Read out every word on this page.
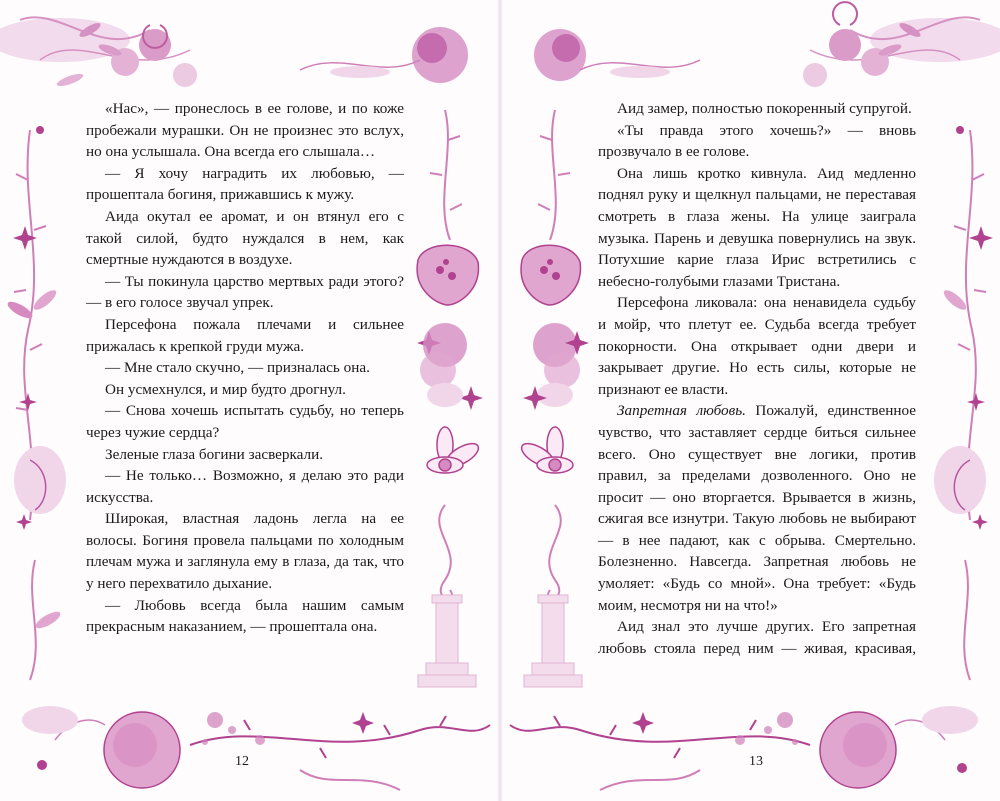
«Нас», — пронеслось в ее голове, и по коже пробежали мурашки. Он не произнес это вслух, но она услышала. Она всегда его слышала…

— Я хочу наградить их любовью, — прошептала богиня, прижавшись к мужу.

Аида окутал ее аромат, и он втянул его с такой силой, будто нуждался в нем, как смертные нуждаются в воздухе.

— Ты покинула царство мертвых ради этого? — в его голосе звучал упрек.

Персефона пожала плечами и сильнее прижалась к крепкой груди мужа.

— Мне стало скучно, — призналась она.

Он усмехнулся, и мир будто дрогнул.

— Снова хочешь испытать судьбу, но теперь через чужие сердца?

Зеленые глаза богини засверкали.

— Не только… Возможно, я делаю это ради искусства.

Широкая, властная ладонь легла на ее волосы. Богиня провела пальцами по холодным плечам мужа и заглянула ему в глаза, да так, что у него перехватило дыхание.

— Любовь всегда была нашим самым прекрасным наказанием, — прошептала она.

12

Аид замер, полностью покоренный супругой.

«Ты правда этого хочешь?» — вновь прозвучало в ее голове.

Она лишь кротко кивнула. Аид медленно поднял руку и щелкнул пальцами, не переставая смотреть в глаза жены. На улице заиграла музыка. Парень и девушка повернулись на звук. Потухшие карие глаза Ирис встретились с небесно-голубыми глазами Тристана.

Персефона ликовала: она ненавидела судьбу и мойр, что плетут ее. Судьба всегда требует покорности. Она открывает одни двери и закрывает другие. Но есть силы, которые не признают ее власти.

Запретная любовь. Пожалуй, единственное чувство, что заставляет сердце биться сильнее всего. Оно существует вне логики, против правил, за пределами дозволенного. Оно не просит — оно вторгается. Врывается в жизнь, сжигая все изнутри. Такую любовь не выбирают — в нее падают, как с обрыва. Смертельно. Болезненно. Навсегда. Запретная любовь не умоляет: «Будь со мной». Она требует: «Будь моим, несмотря ни на что!»

Аид знал это лучше других. Его запретная любовь стояла перед ним — живая, красивая,

13
